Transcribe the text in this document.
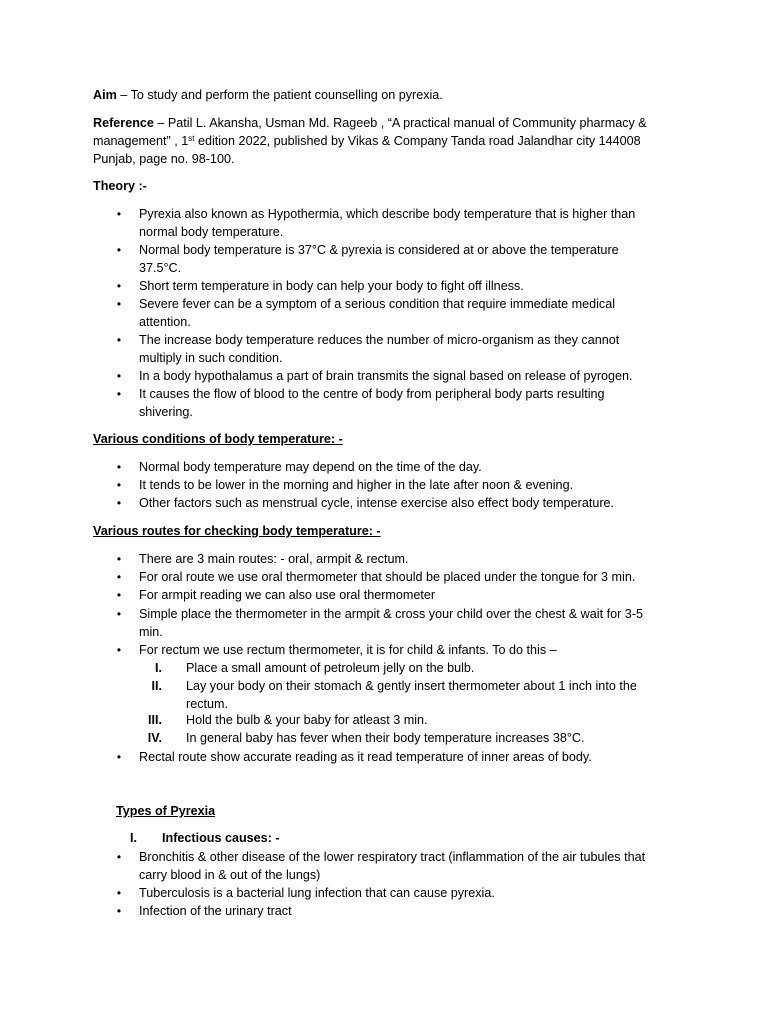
Aim – To study and perform the patient counselling on pyrexia.
Reference – Patil L. Akansha, Usman Md. Rageeb , “A practical manual of Community pharmacy &
management” , 1st edition 2022, published by Vikas & Company Tanda road Jalandhar city 144008
Punjab, page no. 98-100.
Theory :-
•	Pyrexia also known as Hypothermia, which describe body temperature that is higher than
normal body temperature.
•	Normal body temperature is 37°C & pyrexia is considered at or above the temperature
37.5°C.
•	Short term temperature in body can help your body to fight off illness.
•	Severe fever can be a symptom of a serious condition that require immediate medical
attention.
•	The increase body temperature reduces the number of micro-organism as they cannot
multiply in such condition.
•	In a body hypothalamus a part of brain transmits the signal based on release of pyrogen.
•	It causes the flow of blood to the centre of body from peripheral body parts resulting
shivering.
Various conditions of body temperature: -
•	Normal body temperature may depend on the time of the day.
•	It tends to be lower in the morning and higher in the late after noon & evening.
•	Other factors such as menstrual cycle, intense exercise also effect body temperature.
Various routes for checking body temperature: -
•	There are 3 main routes: - oral, armpit & rectum.
•	For oral route we use oral thermometer that should be placed under the tongue for 3 min.
•	For armpit reading we can also use oral thermometer
•	Simple place the thermometer in the armpit & cross your child over the chest & wait for 3-5
min.
•	For rectum we use rectum thermometer, it is for child & infants. To do this –
I. Place a small amount of petroleum jelly on the bulb.
II. Lay your body on their stomach & gently insert thermometer about 1 inch into the
rectum.
III. Hold the bulb & your baby for atleast 3 min.
IV. In general baby has fever when their body temperature increases 38°C.
•	Rectal route show accurate reading as it read temperature of inner areas of body.
Types of Pyrexia
I. Infectious causes: -
•	Bronchitis & other disease of the lower respiratory tract (inflammation of the air tubules that
carry blood in & out of the lungs)
•	Tuberculosis is a bacterial lung infection that can cause pyrexia.
•	Infection of the urinary tract
